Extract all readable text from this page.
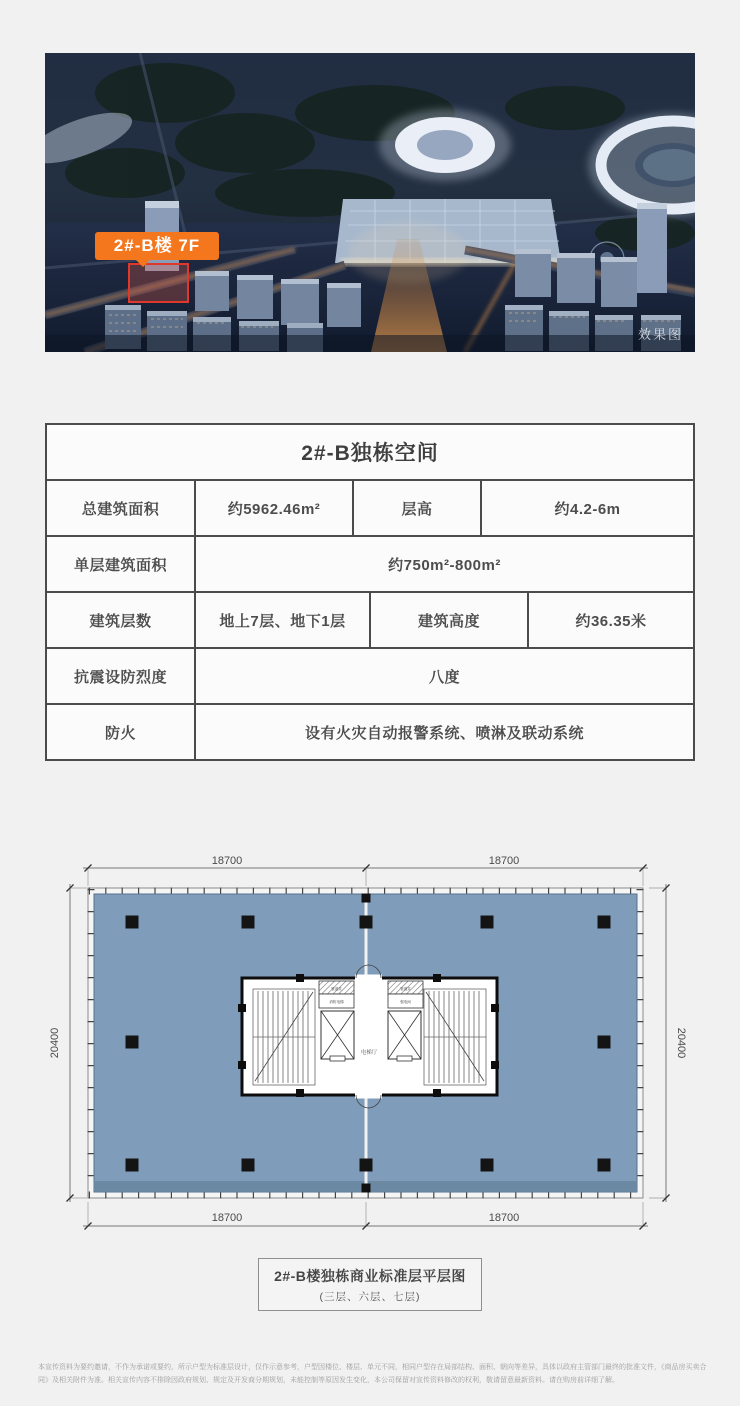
2#-B楼 7F
效果图
2#-B独栋空间
总建筑面积	约5962.46m²	层高	约4.2-6m
单层建筑面积	约750m²-800m²
建筑层数	地上7层、地下1层	建筑高度	约36.35米
抗震设防烈度	八度
防火	设有火灾自动报警系统、喷淋及联动系统
18700	18700
20400	20400
管道井
消防电梯
管道井
强电间
电梯厅
18700	18700
2#-B楼独栋商业标准层平层图
(三层、六层、七层)
本宣传资料为要约邀请，不作为承诺或要约，所示户型为标准层设计，仅作示意参考，户型因楼位、楼层、单元不同，相同户型存在局部结构、面积、朝向等差异，具体以政府主管部门最终的批准文件，《商品房买卖合
同》及相关附件为准。相关宣传内容不排除因政府规划、规定及开发商分期规划，未能控制等原因发生变化，本公司保留对宣传资料修改的权利，敬请留意最新资料。请在购房前详细了解。
